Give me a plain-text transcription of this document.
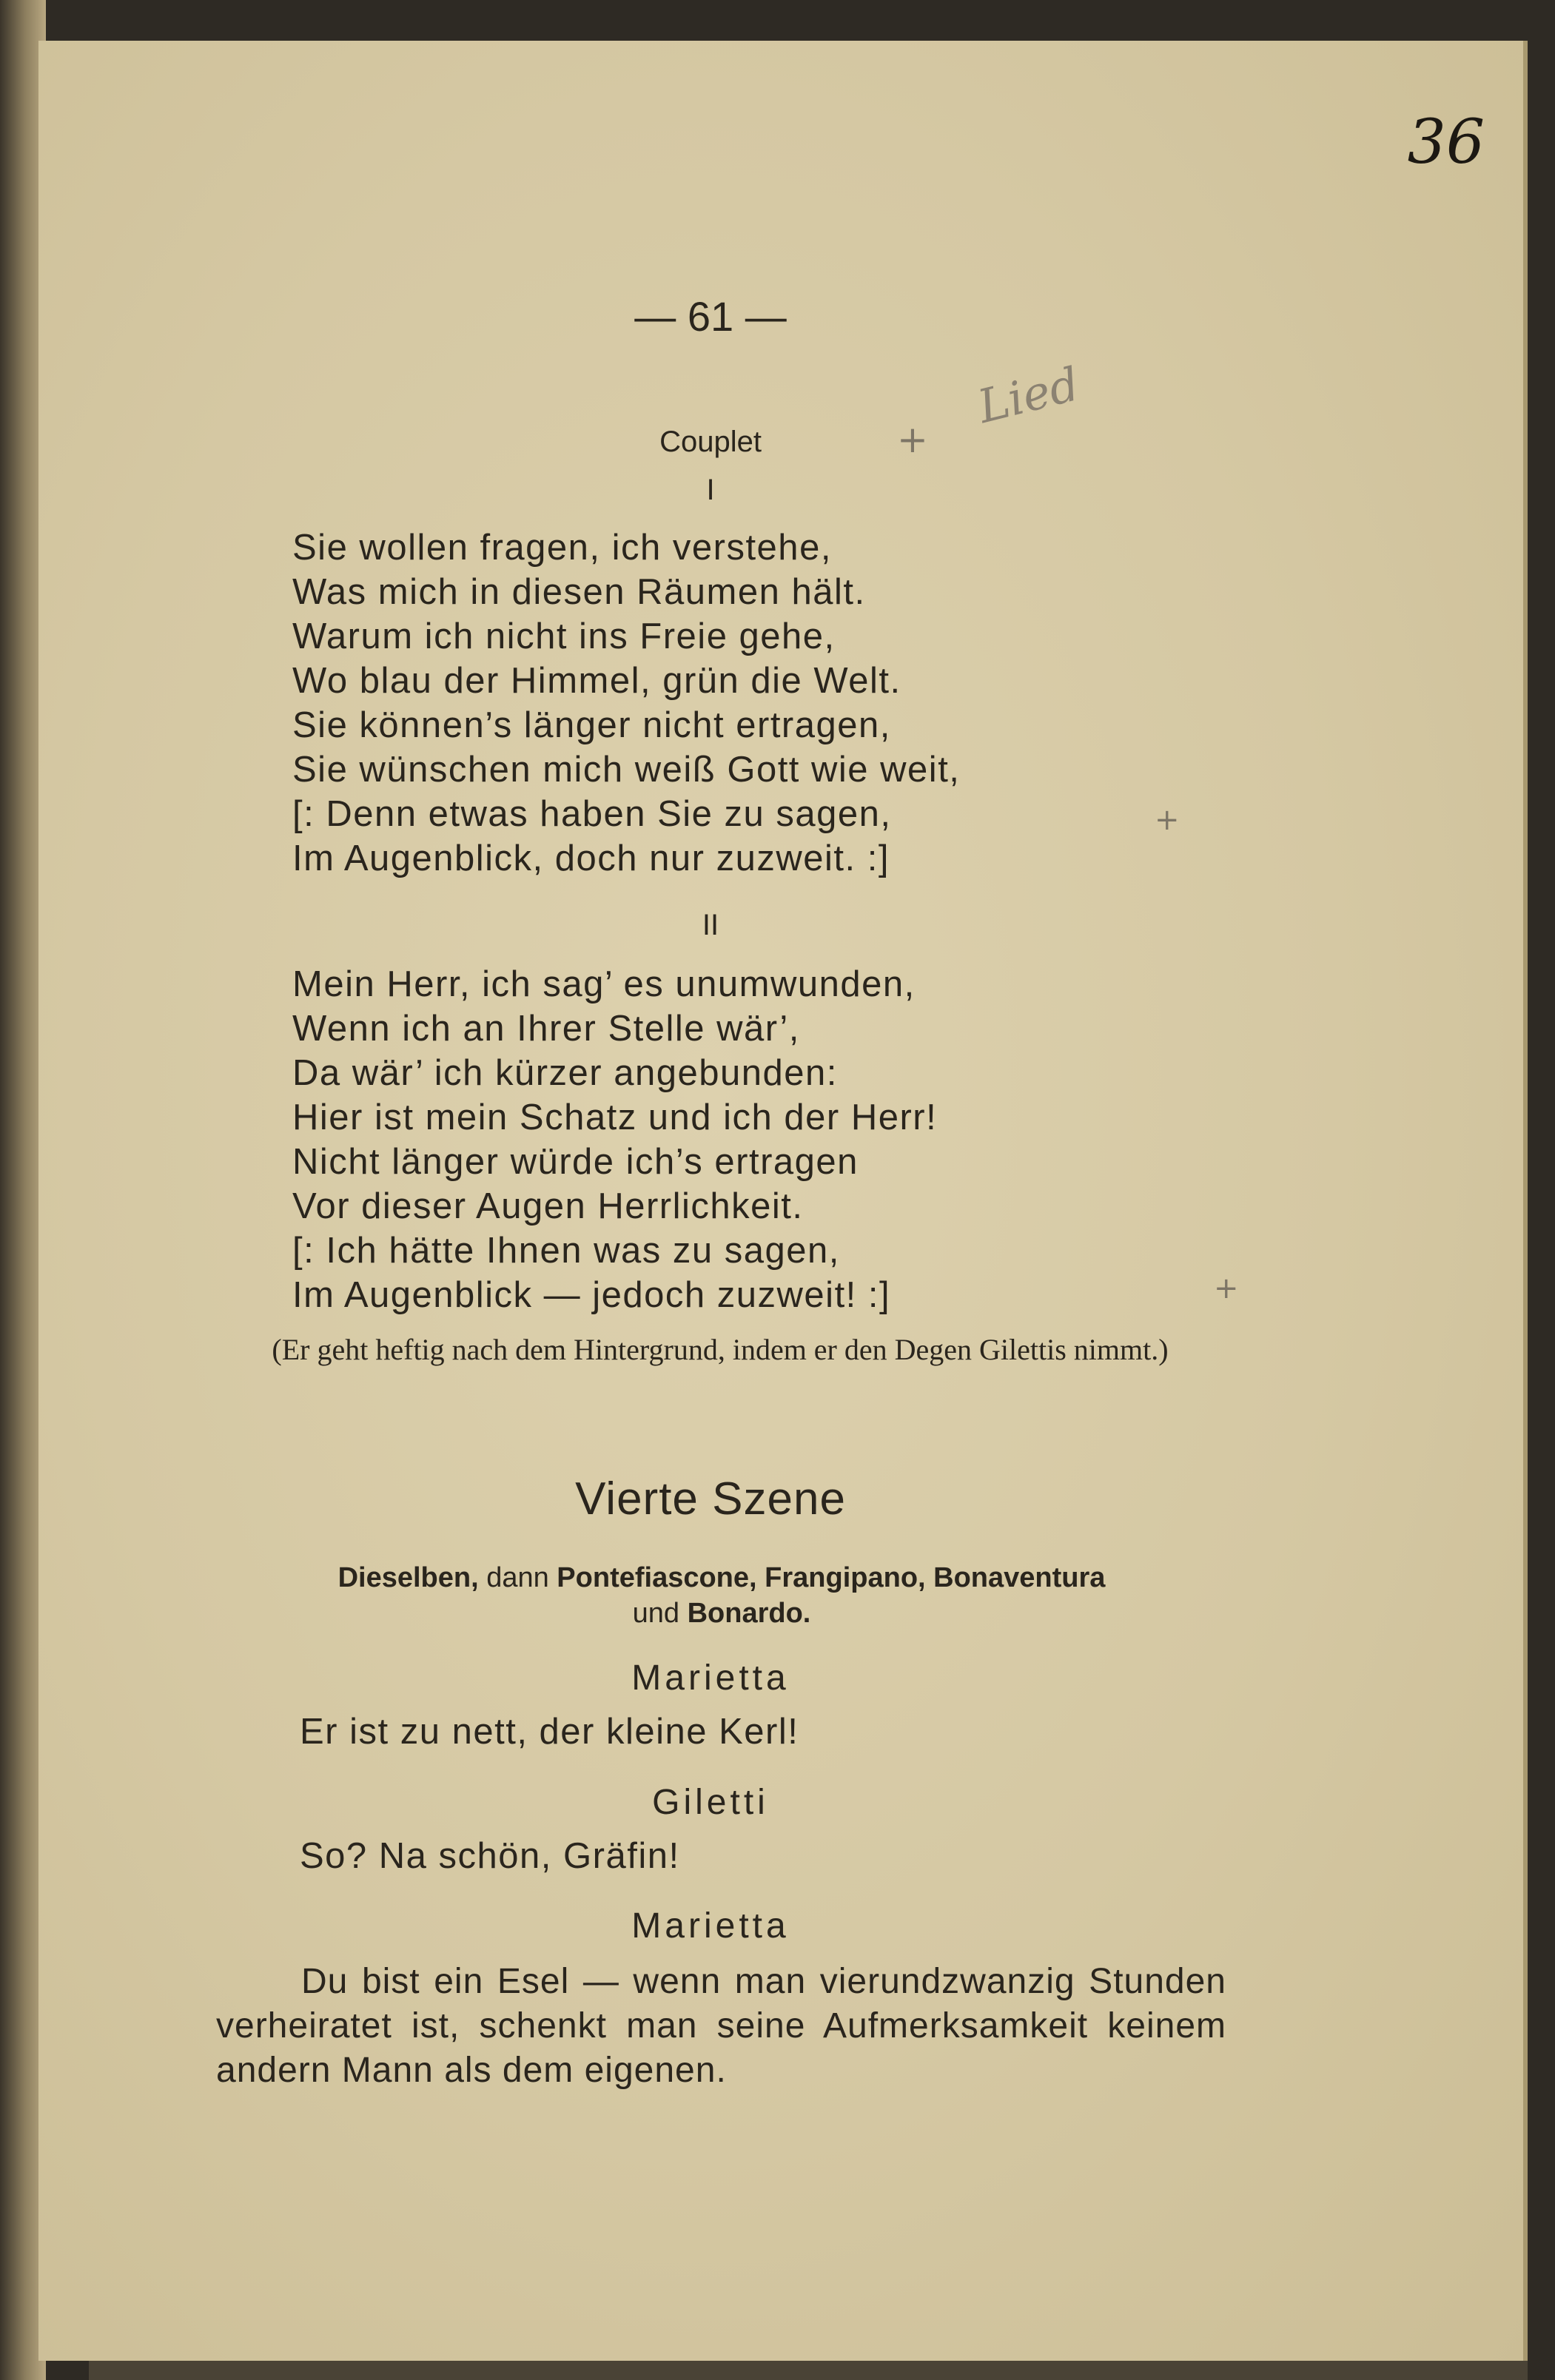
36
— 61 —
+
Lied
Couplet
I
Sie wollen fragen, ich verstehe,
Was mich in diesen Räumen hält.
Warum ich nicht ins Freie gehe,
Wo blau der Himmel, grün die Welt.
Sie können’s länger nicht ertragen,
Sie wünschen mich weiß Gott wie weit,
[: Denn etwas haben Sie zu sagen,
Im Augenblick, doch nur zuzweit. :]
+
II
Mein Herr, ich sag’ es unumwunden,
Wenn ich an Ihrer Stelle wär’,
Da wär’ ich kürzer angebunden:
Hier ist mein Schatz und ich der Herr!
Nicht länger würde ich’s ertragen
Vor dieser Augen Herrlichkeit.
[: Ich hätte Ihnen was zu sagen,
Im Augenblick — jedoch zuzweit! :]	+
(Er geht heftig nach dem Hintergrund, indem er den Degen Gilettis nimmt.)
Vierte Szene
Dieselben, dann Pontefiascone, Frangipano, Bonaventura
und Bonardo.
Marietta
Er ist zu nett, der kleine Kerl!
Giletti
So? Na schön, Gräfin!
Marietta
Du bist ein Esel — wenn man vierundzwanzig Stunden verheiratet ist, schenkt man seine Aufmerksamkeit keinem andern Mann als dem eigenen.
